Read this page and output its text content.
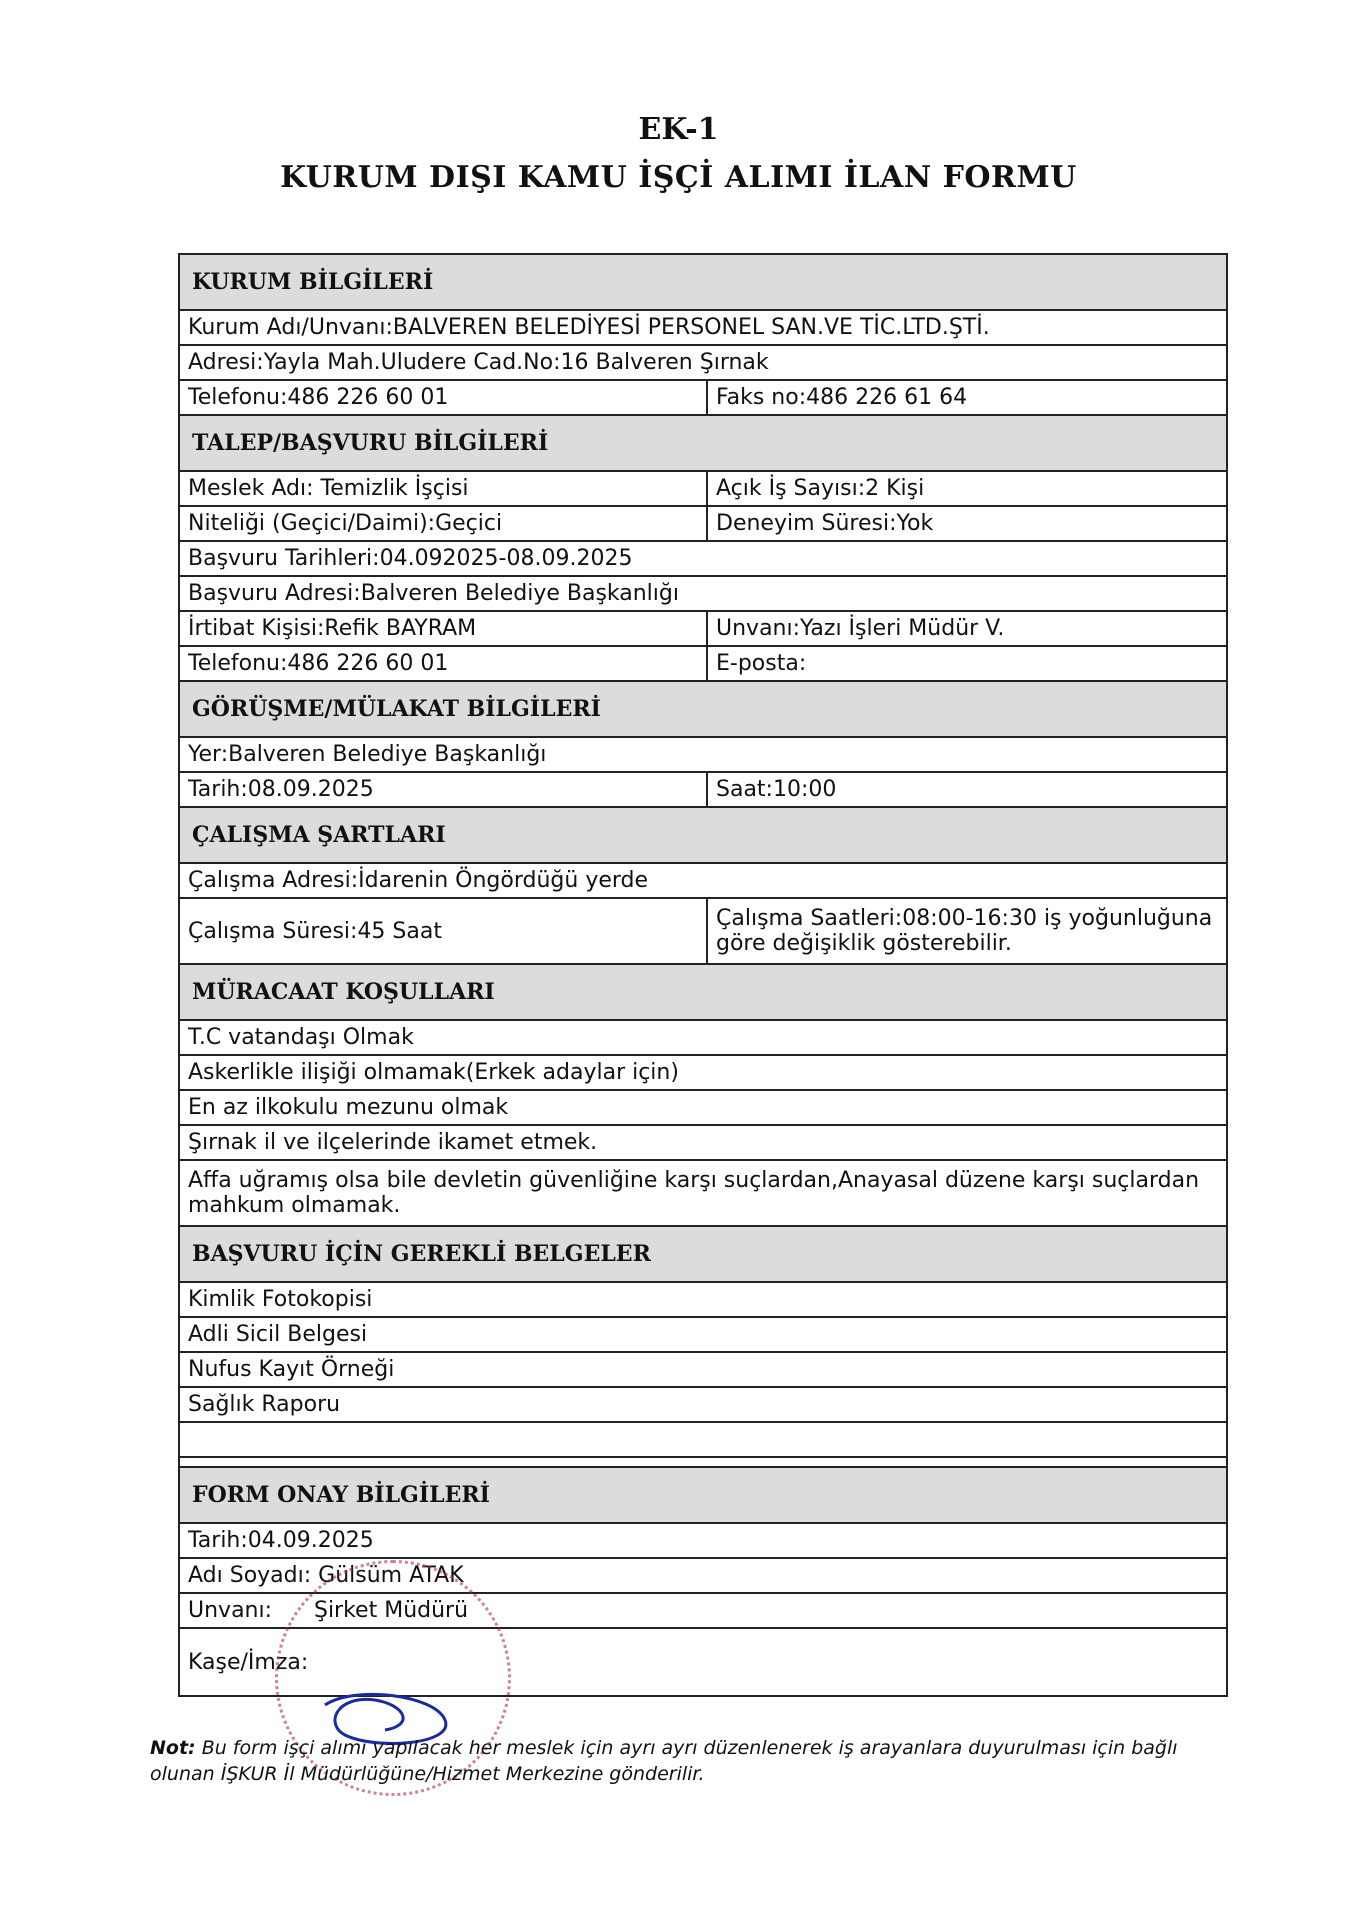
EK-1
KURUM DIŞI KAMU İŞÇİ ALIMI İLAN FORMU
KURUM BİLGİLERİ
Kurum Adı/Unvanı:BALVEREN BELEDİYESİ PERSONEL SAN.VE TİC.LTD.ŞTİ.
Adresi:Yayla Mah.Uludere Cad.No:16 Balveren Şırnak
Telefonu:486 226 60 01	Faks no:486 226 61 64
TALEP/BAŞVURU BİLGİLERİ
Meslek Adı: Temizlik İşçisi	Açık İş Sayısı:2 Kişi
Niteliği (Geçici/Daimi):Geçici	Deneyim Süresi:Yok
Başvuru Tarihleri:04.092025-08.09.2025
Başvuru Adresi:Balveren Belediye Başkanlığı
İrtibat Kişisi:Refik BAYRAM	Unvanı:Yazı İşleri Müdür V.
Telefonu:486 226 60 01	E-posta:
GÖRÜŞME/MÜLAKAT BİLGİLERİ
Yer:Balveren Belediye Başkanlığı
Tarih:08.09.2025	Saat:10:00
ÇALIŞMA ŞARTLARI
Çalışma Adresi:İdarenin Öngördüğü yerde
Çalışma Süresi:45 Saat	Çalışma Saatleri:08:00-16:30 iş yoğunluğuna göre değişiklik gösterebilir.
MÜRACAAT KOŞULLARI
T.C vatandaşı Olmak
Askerlikle ilişiği olmamak(Erkek adaylar için)
En az ilkokulu mezunu olmak
Şırnak il ve ilçelerinde ikamet etmek.
Affa uğramış olsa bile devletin güvenliğine karşı suçlardan,Anayasal düzene karşı suçlardan mahkum olmamak.
BAŞVURU İÇİN GEREKLİ BELGELER
Kimlik Fotokopisi
Adli Sicil Belgesi
Nufus Kayıt Örneği
Sağlık Raporu
FORM ONAY BİLGİLERİ
Tarih:04.09.2025
Adı Soyadı: Gülsüm ATAK
Unvanı:      Şirket Müdürü
Kaşe/İmza:
Not: Bu form işçi alımı yapılacak her meslek için ayrı ayrı düzenlenerek iş arayanlara duyurulması için bağlı olunan İŞKUR İl Müdürlüğüne/Hizmet Merkezine gönderilir.
